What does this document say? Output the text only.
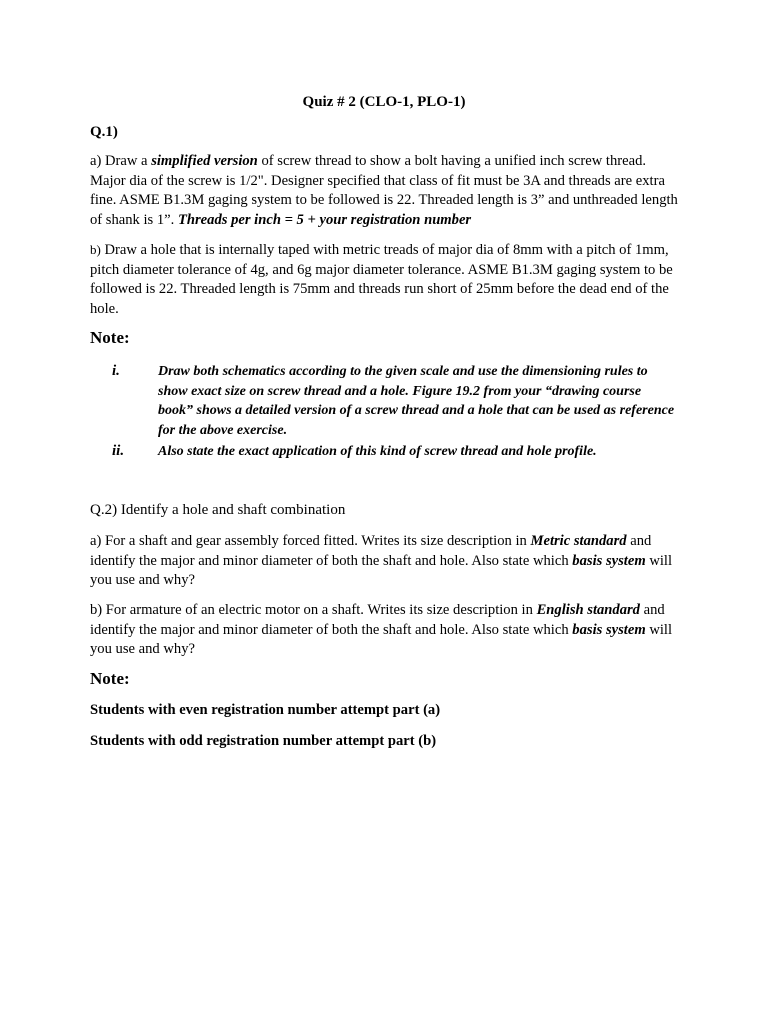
Quiz # 2 (CLO-1, PLO-1)
Q.1)
a) Draw a simplified version of screw thread to show a bolt having a unified inch screw thread. Major dia of the screw is 1/2". Designer specified that class of fit must be 3A and threads are extra fine. ASME B1.3M gaging system to be followed is 22. Threaded length is 3” and unthreaded length of shank is 1”. Threads per inch = 5 + your registration number
b) Draw a hole that is internally taped with metric treads of major dia of 8mm with a pitch of 1mm, pitch diameter tolerance of 4g, and 6g major diameter tolerance. ASME B1.3M gaging system to be followed is 22. Threaded length is 75mm and threads run short of 25mm before the dead end of the hole.
Note:
i.	Draw both schematics according to the given scale and use the dimensioning rules to show exact size on screw thread and a hole. Figure 19.2 from your “drawing course book” shows a detailed version of a screw thread and a hole that can be used as reference for the above exercise.
ii. Also state the exact application of this kind of screw thread and hole profile.
Q.2) Identify a hole and shaft combination
a) For a shaft and gear assembly forced fitted. Writes its size description in Metric standard and identify the major and minor diameter of both the shaft and hole. Also state which basis system will you use and why?
b) For armature of an electric motor on a shaft. Writes its size description in English standard and identify the major and minor diameter of both the shaft and hole. Also state which basis system will you use and why?
Note:
Students with even registration number attempt part (a)
Students with odd registration number attempt part (b)
